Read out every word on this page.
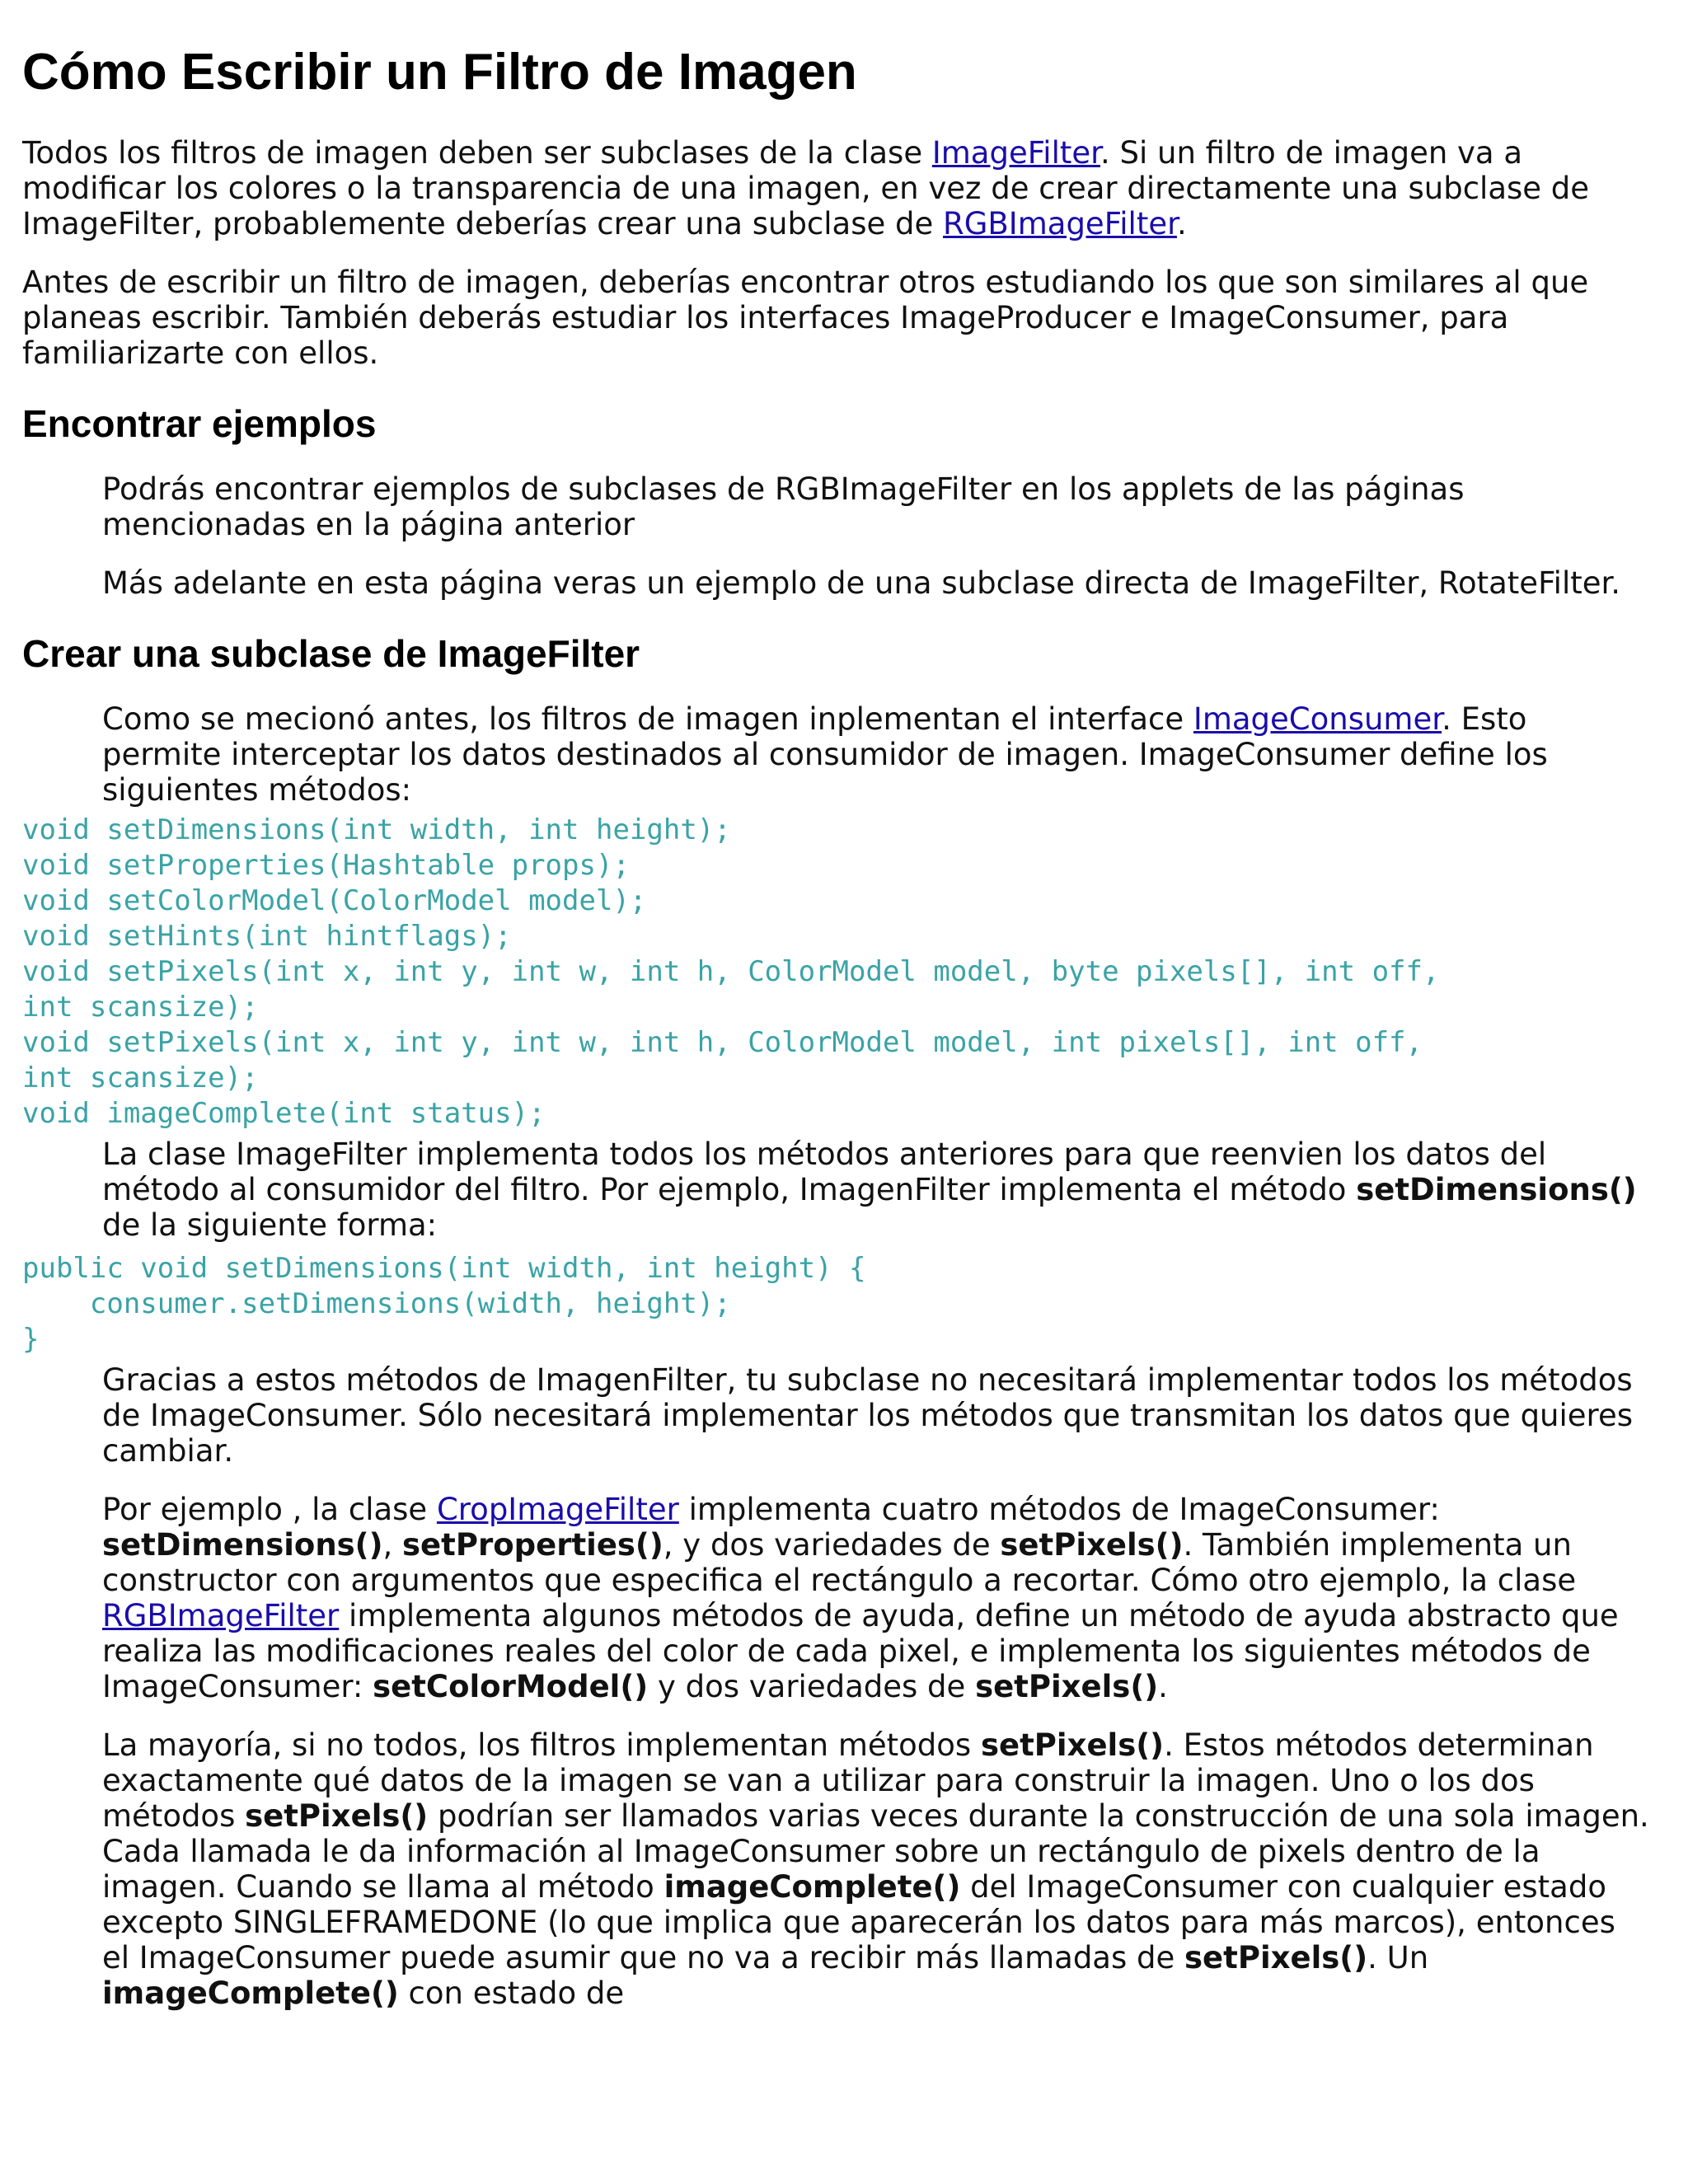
Cómo Escribir un Filtro de Imagen

Todos los filtros de imagen deben ser subclases de la clase ImageFilter. Si un filtro de imagen va a modificar los colores o la transparencia de una imagen, en vez de crear directamente una subclase de ImageFilter, probablemente deberías crear una subclase de RGBImageFilter.

Antes de escribir un filtro de imagen, deberías encontrar otros estudiando los que son similares al que planeas escribir. También deberás estudiar los interfaces ImageProducer e ImageConsumer, para familiarizarte con ellos.

Encontrar ejemplos

Podrás encontrar ejemplos de subclases de RGBImageFilter en los applets de las páginas mencionadas en la página anterior

Más adelante en esta página veras un ejemplo de una subclase directa de ImageFilter, RotateFilter.

Crear una subclase de ImageFilter

Como se mecionó antes, los filtros de imagen inplementan el interface ImageConsumer. Esto permite interceptar los datos destinados al consumidor de imagen. ImageConsumer define los siguientes métodos:

void setDimensions(int width, int height);
void setProperties(Hashtable props);
void setColorModel(ColorModel model);
void setHints(int hintflags);
void setPixels(int x, int y, int w, int h, ColorModel model, byte pixels[], int off,
int scansize);
void setPixels(int x, int y, int w, int h, ColorModel model, int pixels[], int off,
int scansize);
void imageComplete(int status);

La clase ImageFilter implementa todos los métodos anteriores para que reenvien los datos del método al consumidor del filtro. Por ejemplo, ImagenFilter implementa el método setDimensions() de la siguiente forma:

public void setDimensions(int width, int height) {
consumer.setDimensions(width, height);
}

Gracias a estos métodos de ImagenFilter, tu subclase no necesitará implementar todos los métodos de ImageConsumer. Sólo necesitará implementar los métodos que transmitan los datos que quieres cambiar.

Por ejemplo , la clase CropImageFilter implementa cuatro métodos de ImageConsumer: setDimensions(), setProperties(), y dos variedades de setPixels(). También implementa un constructor con argumentos que especifica el rectángulo a recortar. Cómo otro ejemplo, la clase RGBImageFilter implementa algunos métodos de ayuda, define un método de ayuda abstracto que realiza las modificaciones reales del color de cada pixel, e implementa los siguientes métodos de ImageConsumer: setColorModel() y dos variedades de setPixels().

La mayoría, si no todos, los filtros implementan métodos setPixels(). Estos métodos determinan exactamente qué datos de la imagen se van a utilizar para construir la imagen. Uno o los dos métodos setPixels() podrían ser llamados varias veces durante la construcción de una sola imagen. Cada llamada le da información al ImageConsumer sobre un rectángulo de pixels dentro de la imagen. Cuando se llama al método imageComplete() del ImageConsumer con cualquier estado excepto SINGLEFRAMEDONE (lo que implica que aparecerán los datos para más marcos), entonces el ImageConsumer puede asumir que no va a recibir más llamadas de setPixels(). Un imageComplete() con estado de
